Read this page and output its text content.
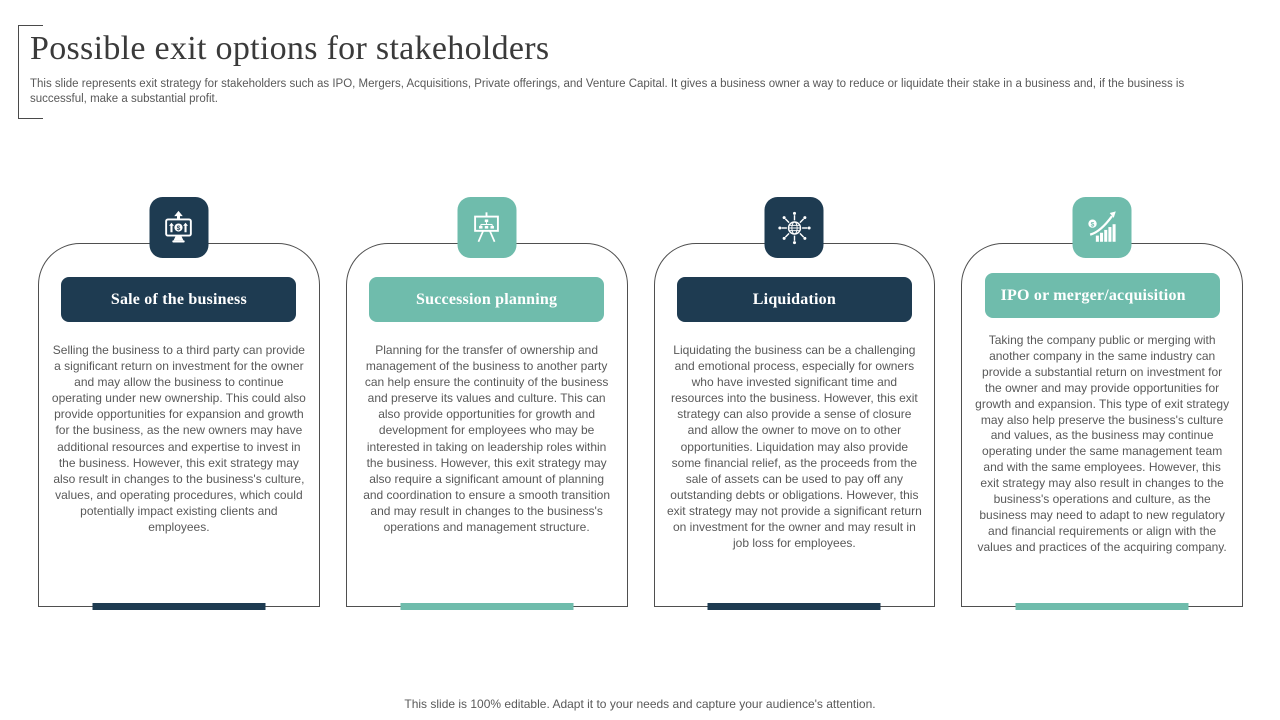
Possible exit options for stakeholders
This slide represents exit strategy for stakeholders such as IPO, Mergers, Acquisitions, Private offerings, and Venture Capital. It gives a business owner a way to reduce or liquidate their stake in a business and, if the business is successful, make a substantial profit.
$
Sale of the business
Selling the business to a third party can provide a significant return on investment for the owner and may allow the business to continue operating under new ownership. This could also provide opportunities for expansion and growth for the business, as the new owners may have additional resources and expertise to invest in the business. However, this exit strategy may also result in changes to the business's culture, values, and operating procedures, which could potentially impact existing clients and employees.
Succession planning
Planning for the transfer of ownership and management of the business to another party can help ensure the continuity of the business and preserve its values and culture. This can also provide opportunities for growth and development for employees who may be interested in taking on leadership roles within the business. However, this exit strategy may also require a significant amount of planning and coordination to ensure a smooth transition and may result in changes to the business's operations and management structure.
Liquidation
Liquidating the business can be a challenging and emotional process, especially for owners who have invested significant time and resources into the business. However, this exit strategy can also provide a sense of closure and allow the owner to move on to other opportunities. Liquidation may also provide some financial relief, as the proceeds from the sale of assets can be used to pay off any outstanding debts or obligations. However, this exit strategy may not provide a significant return on investment for the owner and may result in job loss for employees.
$
IPO or merger/acquisition
Taking the company public or merging with another company in the same industry can provide a substantial return on investment for the owner and may provide opportunities for growth and expansion. This type of exit strategy may also help preserve the business's culture and values, as the business may continue operating under the same management team and with the same employees. However, this exit strategy may also result in changes to the business's operations and culture, as the business may need to adapt to new regulatory and financial requirements or align with the values and practices of the acquiring company.
This slide is 100% editable. Adapt it to your needs and capture your audience's attention.
